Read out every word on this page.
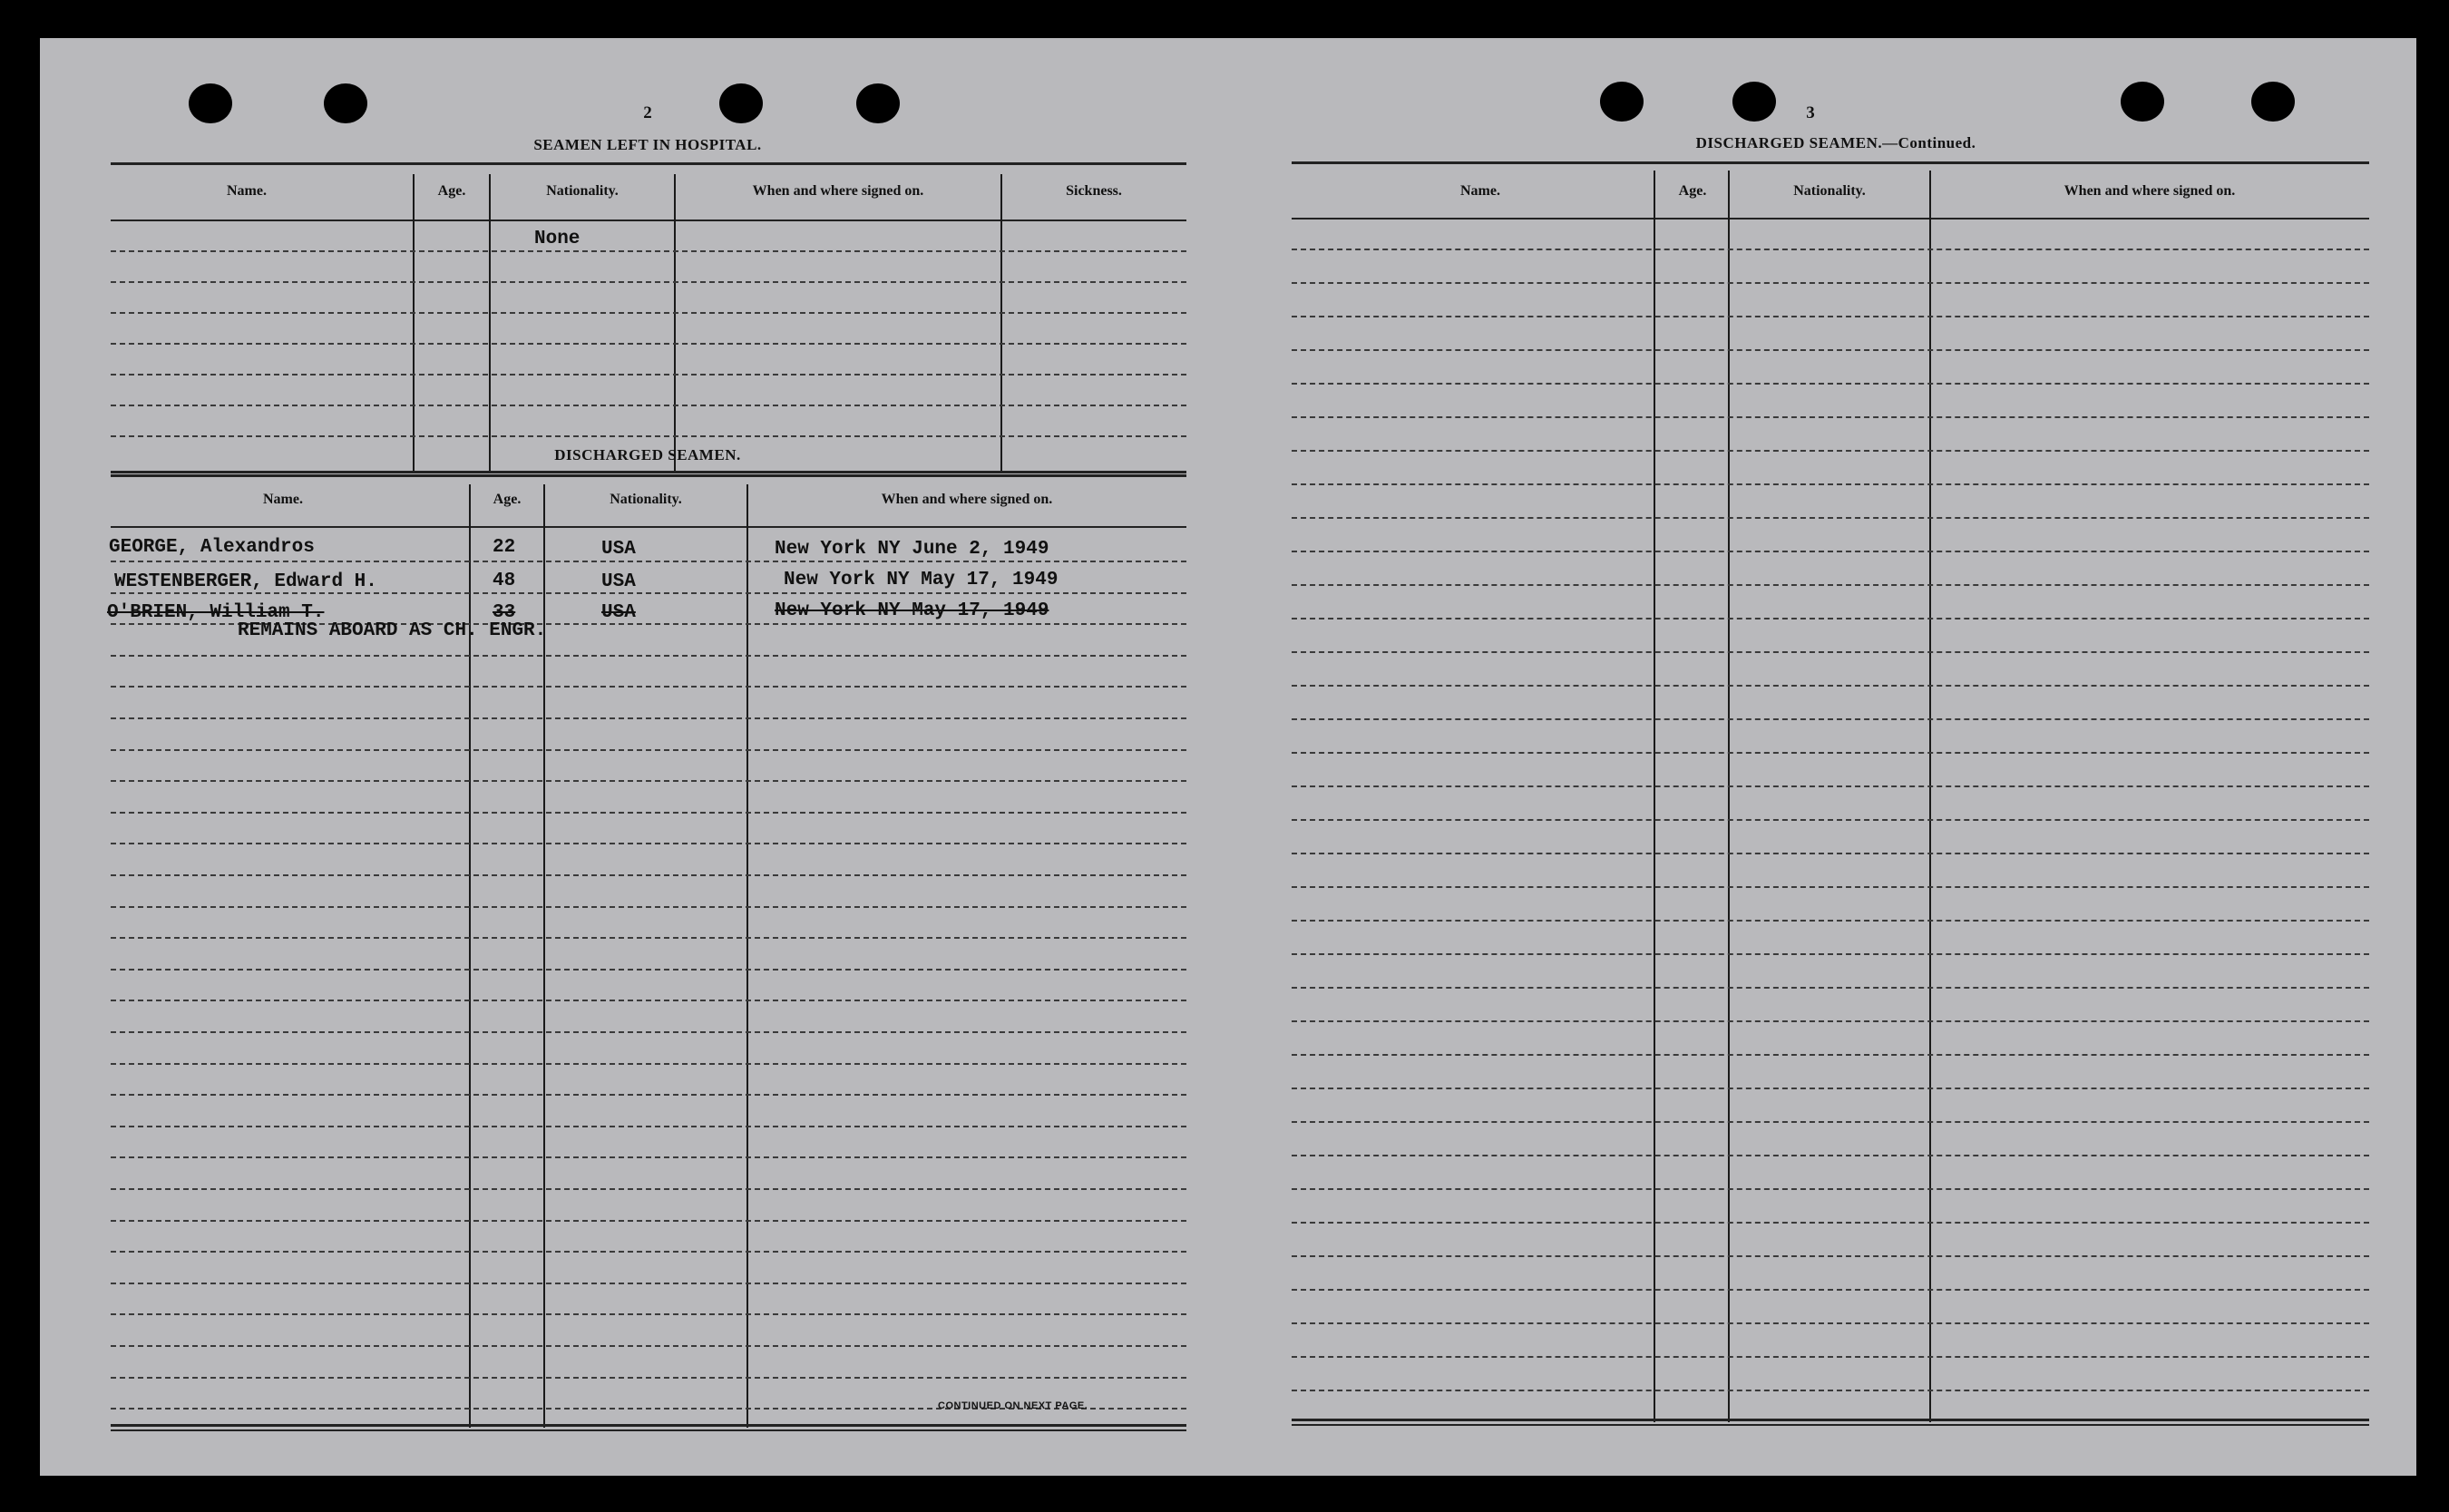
2
SEAMEN LEFT IN HOSPITAL.
Name.	Age.	Nationality.	When and where signed on.	Sickness.
None
DISCHARGED SEAMEN.
Name.	Age.	Nationality.	When and where signed on.
GEORGE, Alexandros	22	USA	New York NY June 2, 1949
WESTENBERGER, Edward H.	48	USA	New York NY May 17, 1949
O'BRIEN, William T.	33	USA	New York NY May 17, 1949
REMAINS ABOARD AS CH. ENGR.
CONTINUED ON NEXT PAGE.
3
DISCHARGED SEAMEN.—Continued.
Name.	Age.	Nationality.	When and where signed on.
